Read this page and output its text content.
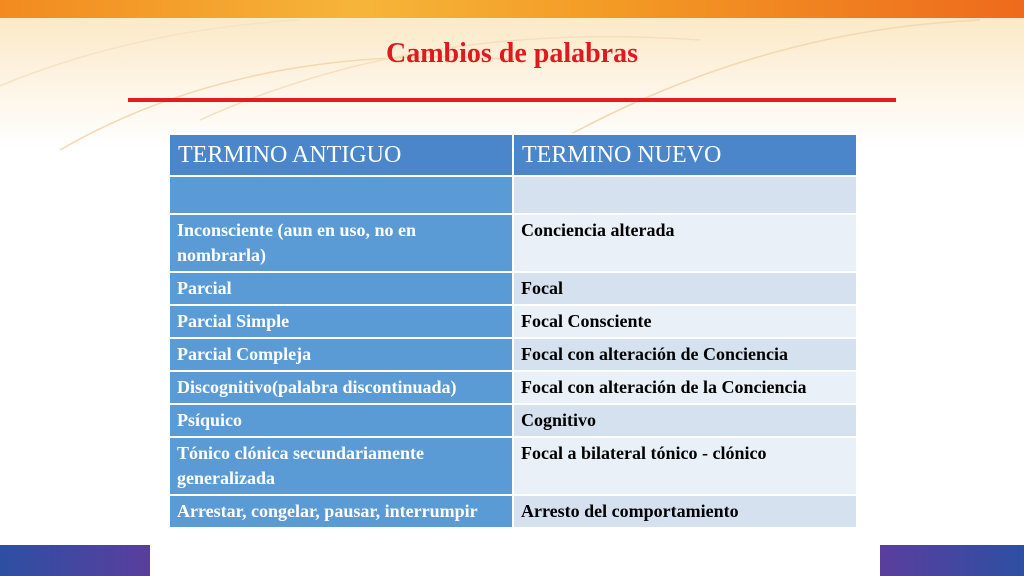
Cambios de palabras
TERMINO ANTIGUO	TERMINO NUEVO

Inconsciente (aun en uso, no en nombrarla)	Conciencia alterada
Parcial	Focal
Parcial Simple	Focal Consciente
Parcial Compleja	Focal con alteración de Conciencia
Discognitivo(palabra discontinuada)	Focal con alteración de la Conciencia
Psíquico	Cognitivo
Tónico clónica secundariamente generalizada	Focal a bilateral tónico - clónico
Arrestar, congelar, pausar, interrumpir	Arresto del comportamiento
